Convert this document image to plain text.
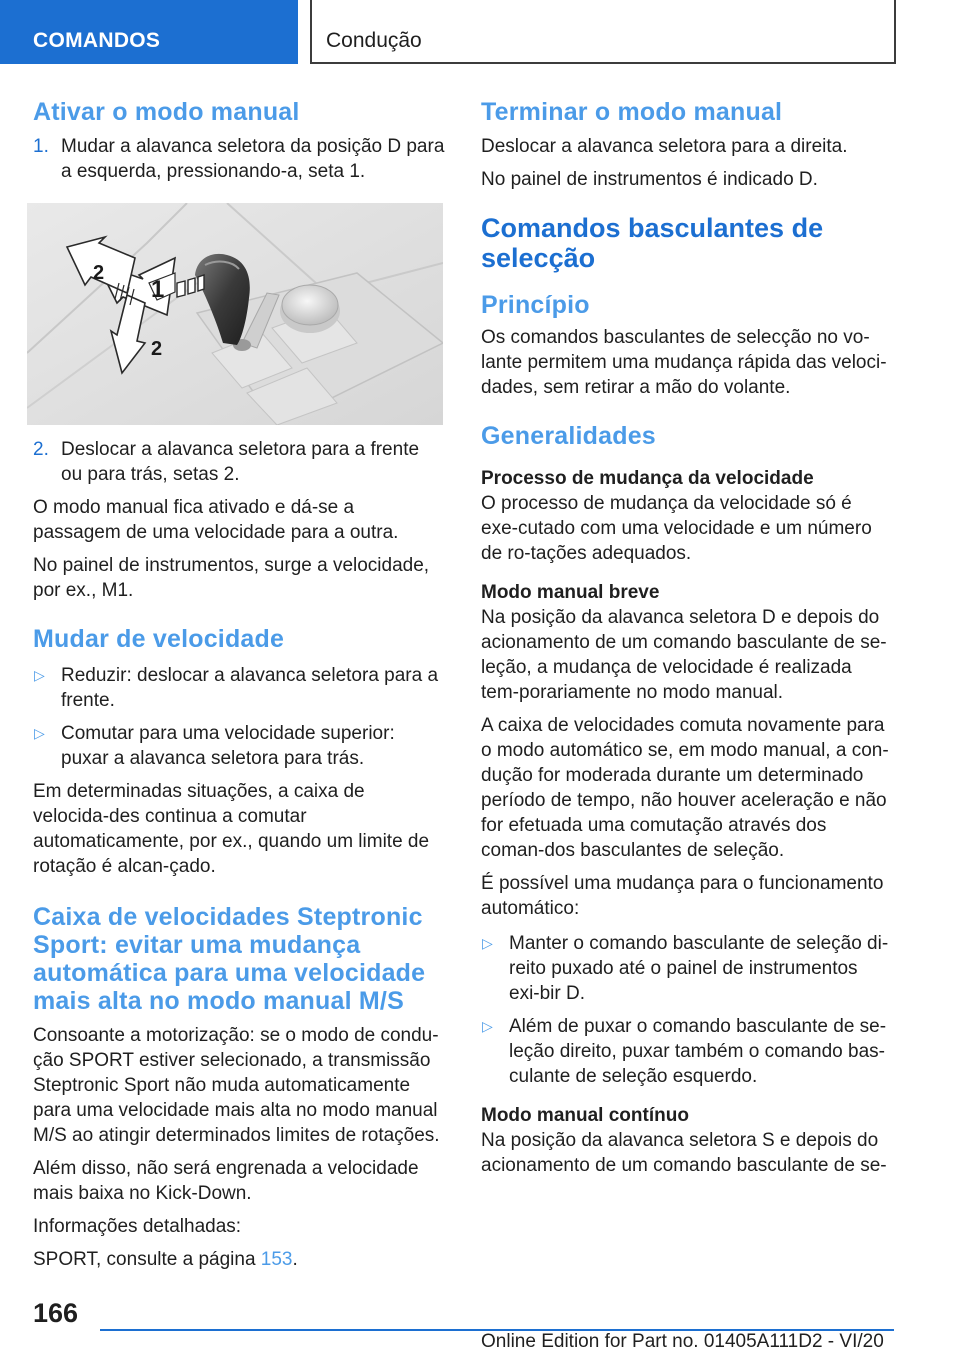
COMANDOS	Condução
Ativar o modo manual
1. Mudar a alavanca seletora da posição D para a esquerda, pressionando-a, seta 1.
1
2
2
2. Deslocar a alavanca seletora para a frente ou para trás, setas 2.
O modo manual fica ativado e dá-se a passagem de uma velocidade para a outra.
No painel de instrumentos, surge a velocidade, por ex., M1.
Mudar de velocidade
▷ Reduzir: deslocar a alavanca seletora para a frente.
▷ Comutar para uma velocidade superior: puxar a alavanca seletora para trás.
Em determinadas situações, a caixa de velocida-des continua a comutar automaticamente, por ex., quando um limite de rotação é alcan-çado.
Caixa de velocidades Steptronic Sport: evitar uma mudança automática para uma velocidade mais alta no modo manual M/S
Consoante a motorização: se o modo de condu-ção SPORT estiver selecionado, a transmissão Steptronic Sport não muda automaticamente para uma velocidade mais alta no modo manual M/S ao atingir determinados limites de rotações.
Além disso, não será engrenada a velocidade mais baixa no Kick-Down.
Informações detalhadas:
SPORT, consulte a página 153.
Terminar o modo manual
Deslocar a alavanca seletora para a direita.
No painel de instrumentos é indicado D.
Comandos basculantes de selecção
Princípio
Os comandos basculantes de selecção no vo-lante permitem uma mudança rápida das veloci-dades, sem retirar a mão do volante.
Generalidades
Processo de mudança da velocidade
O processo de mudança da velocidade só é exe-cutado com uma velocidade e um número de ro-tações adequados.
Modo manual breve
Na posição da alavanca seletora D e depois do acionamento de um comando basculante de se-leção, a mudança de velocidade é realizada tem-porariamente no modo manual.
A caixa de velocidades comuta novamente para o modo automático se, em modo manual, a con-dução for moderada durante um determinado período de tempo, não houver aceleração e não for efetuada uma comutação através dos coman-dos basculantes de seleção.
É possível uma mudança para o funcionamento automático:
▷ Manter o comando basculante de seleção di-reito puxado até o painel de instrumentos exi-bir D.
▷ Além de puxar o comando basculante de se-leção direito, puxar também o comando bas-culante de seleção esquerdo.
Modo manual contínuo
Na posição da alavanca seletora S e depois do acionamento de um comando basculante de se-
166
Online Edition for Part no. 01405A111D2 - VI/20
